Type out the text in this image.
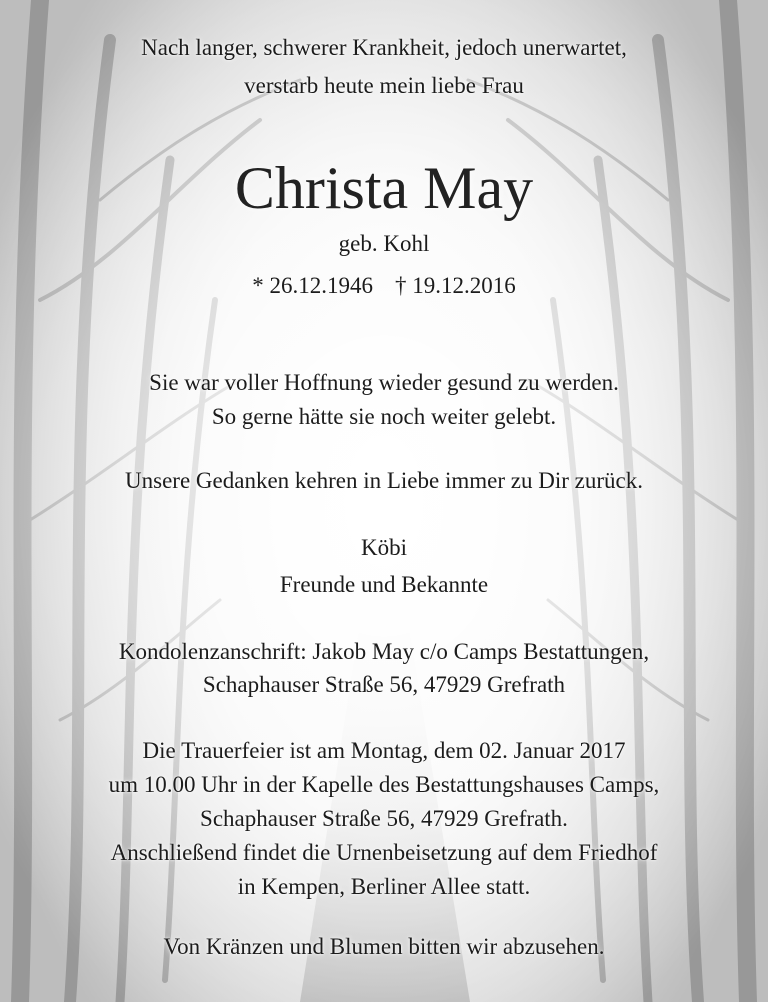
Nach langer, schwerer Krankheit, jedoch unerwartet,
verstarb heute mein liebe Frau
Christa May
geb. Kohl
* 26.12.1946 † 19.12.2016
Sie war voller Hoffnung wieder gesund zu werden.
So gerne hätte sie noch weiter gelebt.
Unsere Gedanken kehren in Liebe immer zu Dir zurück.
Köbi
Freunde und Bekannte
Kondolenzanschrift: Jakob May c/o Camps Bestattungen,
Schaphauser Straße 56, 47929 Grefrath
Die Trauerfeier ist am Montag, dem 02. Januar 2017
um 10.00 Uhr in der Kapelle des Bestattungshauses Camps,
Schaphauser Straße 56, 47929 Grefrath.
Anschließend findet die Urnenbeisetzung auf dem Friedhof
in Kempen, Berliner Allee statt.
Von Kränzen und Blumen bitten wir abzusehen.
